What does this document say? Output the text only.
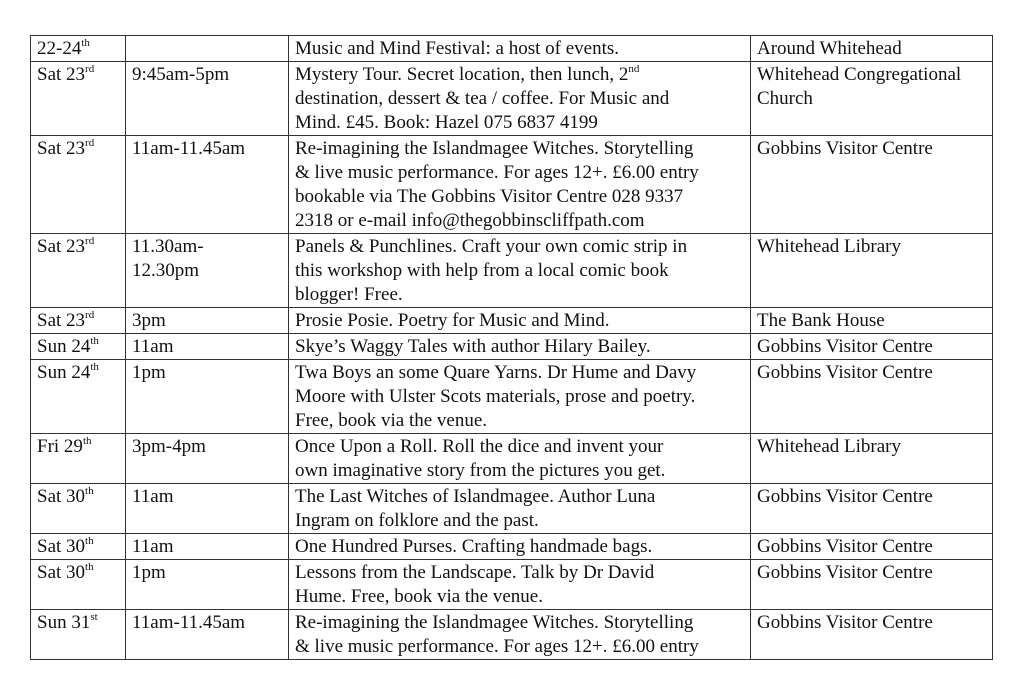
22-24th		Music and Mind Festival: a host of events.	Around Whitehead

Sat 23rd	9:45am-5pm	Mystery Tour. Secret location, then lunch, 2nd
destination, dessert & tea / coffee. For Music and
Mind. £45. Book: Hazel 075 6837 4199	Whitehead Congregational
Church

Sat 23rd	11am-11.45am	Re-imagining the Islandmagee Witches. Storytelling
& live music performance. For ages 12+. £6.00 entry
bookable via The Gobbins Visitor Centre 028 9337
2318 or e-mail info@thegobbinscliffpath.com	Gobbins Visitor Centre

Sat 23rd	11.30am-
12.30pm	Panels & Punchlines. Craft your own comic strip in
this workshop with help from a local comic book
blogger! Free.	Whitehead Library

Sat 23rd	3pm	Prosie Posie. Poetry for Music and Mind.	The Bank House

Sun 24th	11am	Skye’s Waggy Tales with author Hilary Bailey.	Gobbins Visitor Centre

Sun 24th	1pm	Twa Boys an some Quare Yarns. Dr Hume and Davy
Moore with Ulster Scots materials, prose and poetry.
Free, book via the venue.	Gobbins Visitor Centre

Fri 29th	3pm-4pm	Once Upon a Roll. Roll the dice and invent your
own imaginative story from the pictures you get.	Whitehead Library

Sat 30th	11am	The Last Witches of Islandmagee. Author Luna
Ingram on folklore and the past.	Gobbins Visitor Centre

Sat 30th	11am	One Hundred Purses. Crafting handmade bags.	Gobbins Visitor Centre

Sat 30th	1pm	Lessons from the Landscape. Talk by Dr David
Hume. Free, book via the venue.	Gobbins Visitor Centre

Sun 31st	11am-11.45am	Re-imagining the Islandmagee Witches. Storytelling
& live music performance. For ages 12+. £6.00 entry	Gobbins Visitor Centre
